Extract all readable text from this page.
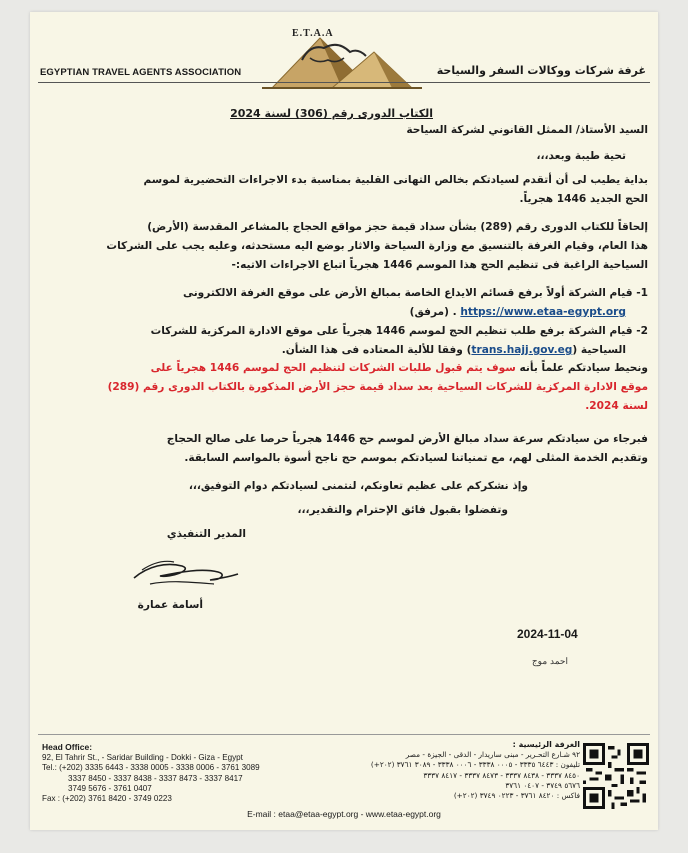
E.T.A.A
EGYPTIAN TRAVEL AGENTS ASSOCIATION	غرفة شركات ووكالات السفر والسياحة
الكتاب الدورى رقم (306) لسنة 2024
السيد الأستاذ/ الممثل القانوني لشركة السياحة
تحية طيبة وبعد،،،
بداية يطيب لى أن أتقدم لسيادتكم بخالص التهانى القلبية بمناسبة بدء الاجراءات التحضيرية لموسم
الحج الجديد 1446 هجرياً.
إلحاقاً للكتاب الدورى رقم (289) بشأن سداد قيمة حجز مواقع الحجاج بالمشاعر المقدسة (الأرض)
هذا العام، وقيام الغرفة بالتنسيق مع وزارة السياحة والاثار بوضع اليه مستحدثه، وعليه يجب على الشركات
السياحية الراغبة فى تنظيم الحج هذا الموسم 1446 هجرياً اتباع الاجراءات الاتيه:-
1- قيام الشركة أولاً برفع قسائم الايداع الخاصة بمبالغ الأرض على موقع الغرفة الالكترونى
https://www.etaa-egypt.org . (مرفق)
2- قيام الشركة برفع طلب تنظيم الحج لموسم 1446 هجرياً على موقع الادارة المركزية للشركات
السياحية (trans.hajj.gov.eg) وفقا للألية المعتاده فى هذا الشأن.
ونحيط سيادتكم علماً بأنه سوف يتم قبول طلبات الشركات لتنظيم الحج لموسم 1446 هجرياً على
موقع الادارة المركزية للشركات السياحية بعد سداد قيمة حجز الأرض المذكورة بالكتاب الدورى رقم (289)
لسنة 2024.
فبرجاء من سيادتكم سرعة سداد مبالغ الأرض لموسم حج 1446 هجرياً حرصا على صالح الحجاج
وتقديم الخدمة المثلى لهم، مع تمنياتنا لسيادتكم بموسم حج ناجح أسوة بالمواسم السابقة.
وإذ نشكركم على عظيم تعاونكم، لنتمنى لسيادتكم دوام التوفيق،،،
وتفضلوا بقبول فائق الإحترام والتقدير،،،
المدير التنفيذي
أسامة عمارة
2024-11-04
احمد موج
Head Office:
92, El Tahrir St., - Saridar Building - Dokki - Giza - Egypt
Tel.: (+202) 3335 6443 - 3338 0005 - 3338 0006 - 3761 3089
3337 8450 - 3337 8438 - 3337 8473 - 3337 8417
3749 5676 - 3761 0407
Fax : (+202) 3761 8420 - 3749 0223
الغرفة الرئيسية :
٩٢ شـارع التحـرير - مبنى ساريدار - الدقى - الجيزة - مصر
تليفون : ٦٤٤٣ ٣٣٣٥ - ٠٠٠٥ ٣٣٣٨ - ٠٠٠٦ ٣٣٣٨ - ٣٠٨٩ ٣٧٦١ (٢٠٢+)
٨٤٥٠ ٣٣٣٧ - ٨٤٣٨ ٣٣٣٧ - ٨٤٧٣ ٣٣٣٧ - ٨٤١٧ ٣٣٣٧
٥٦٧٦ ٣٧٤٩ - ٠٤٠٧ ٣٧٦١
فاكس : ٨٤٢٠ ٣٧٦١ - ٠٢٢٣ ٣٧٤٩ (٢٠٢+)
E-mail : etaa@etaa-egypt.org - www.etaa-egypt.org
